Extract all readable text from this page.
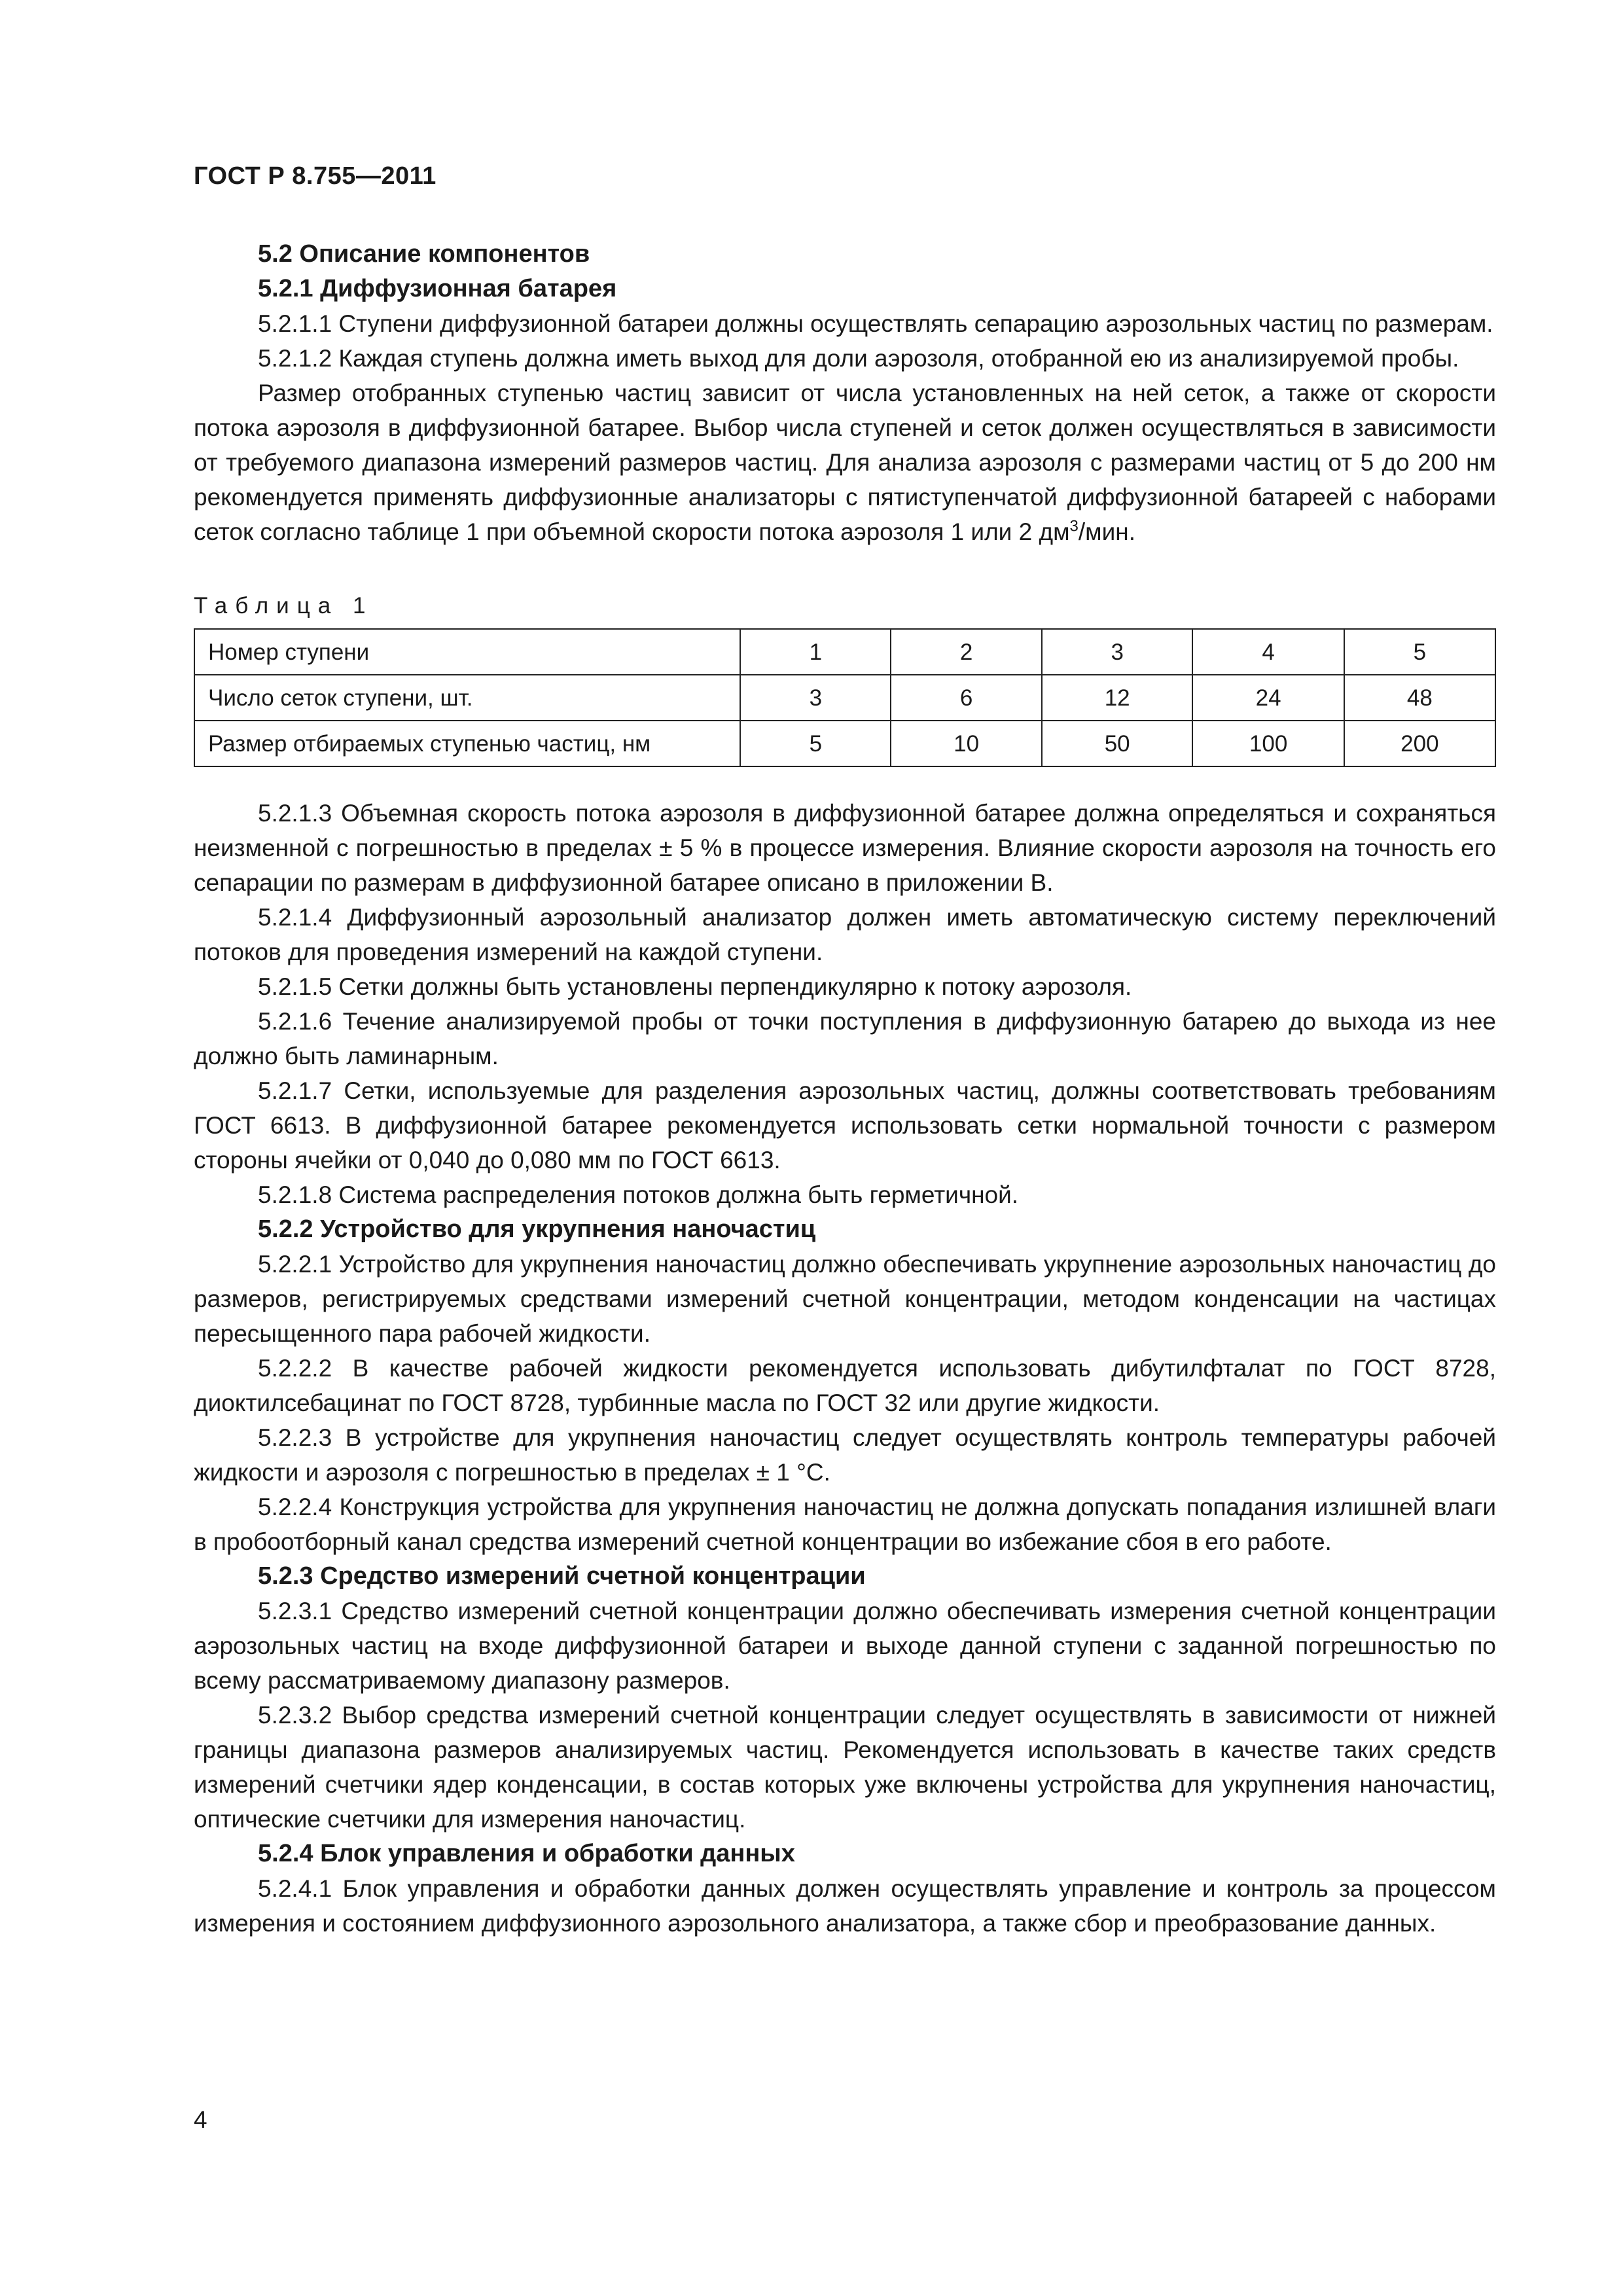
ГОСТ Р 8.755—2011

5.2 Описание компонентов

5.2.1 Диффузионная батарея

5.2.1.1 Ступени диффузионной батареи должны осуществлять сепарацию аэрозольных частиц по размерам.

5.2.1.2 Каждая ступень должна иметь выход для доли аэрозоля, отобранной ею из анализируемой пробы.

Размер отобранных ступенью частиц зависит от числа установленных на ней сеток, а также от скорости потока аэрозоля в диффузионной батарее. Выбор числа ступеней и сеток должен осуществляться в зависимости от требуемого диапазона измерений размеров частиц. Для анализа аэрозоля с размерами частиц от 5 до 200 нм рекомендуется применять диффузионные анализаторы с пятиступенчатой диффузионной батареей с наборами сеток согласно таблице 1 при объемной скорости потока аэрозоля 1 или 2 $дм^3$/мин.

Таблица 1
Номер ступени	1	2	3	4	5
Число сеток ступени, шт.	3	6	12	24	48
Размер отбираемых ступенью частиц, нм	5	10	50	100	200

5.2.1.3 Объемная скорость потока аэрозоля в диффузионной батарее должна определяться и сохраняться неизменной с погрешностью в пределах ± 5 % в процессе измерения. Влияние скорости аэрозоля на точность его сепарации по размерам в диффузионной батарее описано в приложении В.

5.2.1.4 Диффузионный аэрозольный анализатор должен иметь автоматическую систему переключений потоков для проведения измерений на каждой ступени.

5.2.1.5 Сетки должны быть установлены перпендикулярно к потоку аэрозоля.

5.2.1.6 Течение анализируемой пробы от точки поступления в диффузионную батарею до выхода из нее должно быть ламинарным.

5.2.1.7 Сетки, используемые для разделения аэрозольных частиц, должны соответствовать требованиям ГОСТ 6613. В диффузионной батарее рекомендуется использовать сетки нормальной точности с размером стороны ячейки от 0,040 до 0,080 мм по ГОСТ 6613.

5.2.1.8 Система распределения потоков должна быть герметичной.

5.2.2 Устройство для укрупнения наночастиц

5.2.2.1 Устройство для укрупнения наночастиц должно обеспечивать укрупнение аэрозольных наночастиц до размеров, регистрируемых средствами измерений счетной концентрации, методом конденсации на частицах пересыщенного пара рабочей жидкости.

5.2.2.2 В качестве рабочей жидкости рекомендуется использовать дибутилфталат по ГОСТ 8728, диоктилсебацинат по ГОСТ 8728, турбинные масла по ГОСТ 32 или другие жидкости.

5.2.2.3 В устройстве для укрупнения наночастиц следует осуществлять контроль температуры рабочей жидкости и аэрозоля с погрешностью в пределах ± 1 °С.

5.2.2.4 Конструкция устройства для укрупнения наночастиц не должна допускать попадания излишней влаги в пробоотборный канал средства измерений счетной концентрации во избежание сбоя в его работе.

5.2.3 Средство измерений счетной концентрации

5.2.3.1 Средство измерений счетной концентрации должно обеспечивать измерения счетной концентрации аэрозольных частиц на входе диффузионной батареи и выходе данной ступени с заданной погрешностью по всему рассматриваемому диапазону размеров.

5.2.3.2 Выбор средства измерений счетной концентрации следует осуществлять в зависимости от нижней границы диапазона размеров анализируемых частиц. Рекомендуется использовать в качестве таких средств измерений счетчики ядер конденсации, в состав которых уже включены устройства для укрупнения наночастиц, оптические счетчики для измерения наночастиц.

5.2.4 Блок управления и обработки данных

5.2.4.1 Блок управления и обработки данных должен осуществлять управление и контроль за процессом измерения и состоянием диффузионного аэрозольного анализатора, а также сбор и преобразование данных.

4
